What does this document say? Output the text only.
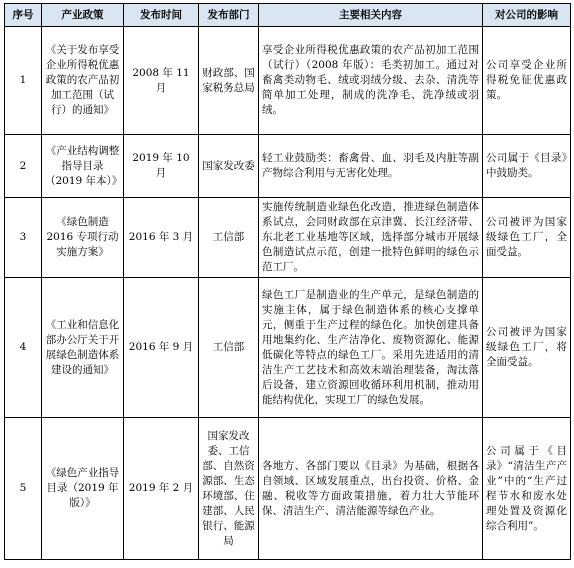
序号	产业政策	发布时间	发布部门	主要相关内容	对公司的影响
1	《关于发布享受企业所得税优惠政策的农产品初加工范围（试行）的通知》	2008 年 11 月	财政部、国家税务总局	享受企业所得税优惠政策的农产品初加工范围（试行）（2008 年版）：毛类初加工。通过对畜禽类动物毛、绒或羽绒分级、去杂、清洗等简单加工处理，制成的洗净毛、洗净绒或羽绒。	公司享受企业所得税免征优惠政策。
2	《产业结构调整指导目录（2019 年本）》	2019 年 10 月	国家发改委	轻工业鼓励类：畜禽骨、血、羽毛及内脏等副产物综合利用与无害化处理。	公司属于《目录》中鼓励类。
3	《绿色制造 2016 专项行动实施方案》	2016 年 3 月	工信部	实施传统制造业绿色化改造，推进绿色制造体系试点，会同财政部在京津冀、长江经济带、东北老工业基地等区域，选择部分城市开展绿色制造试点示范，创建一批特色鲜明的绿色示范工厂。	公司被评为国家级绿色工厂，全面受益。
4	《工业和信息化部办公厅关于开展绿色制造体系建设的通知》	2016 年 9 月	工信部	绿色工厂是制造业的生产单元，是绿色制造的实施主体，属于绿色制造体系的核心支撑单元，侧重于生产过程的绿色化。加快创建具备用地集约化、生产洁净化、废物资源化、能源低碳化等特点的绿色工厂。采用先进适用的清洁生产工艺技术和高效末端治理装备，淘汰落后设备，建立资源回收循环利用机制，推动用能结构优化，实现工厂的绿色发展。	公司被评为国家级绿色工厂，将全面受益。
5	《绿色产业指导目录（2019 年版）》	2019 年 2 月	国家发改委、工信部、自然资源部、生态环境部、住建部、人民银行、能源局	各地方、各部门要以《目录》为基础，根据各自领域、区域发展重点，出台投资、价格、金融、税收等方面政策措施，着力壮大节能环保、清洁生产、清洁能源等绿色产业。	公司属于《目录》“清洁生产产业”中的“生产过程节水和废水处理处置及资源化综合利用”。
